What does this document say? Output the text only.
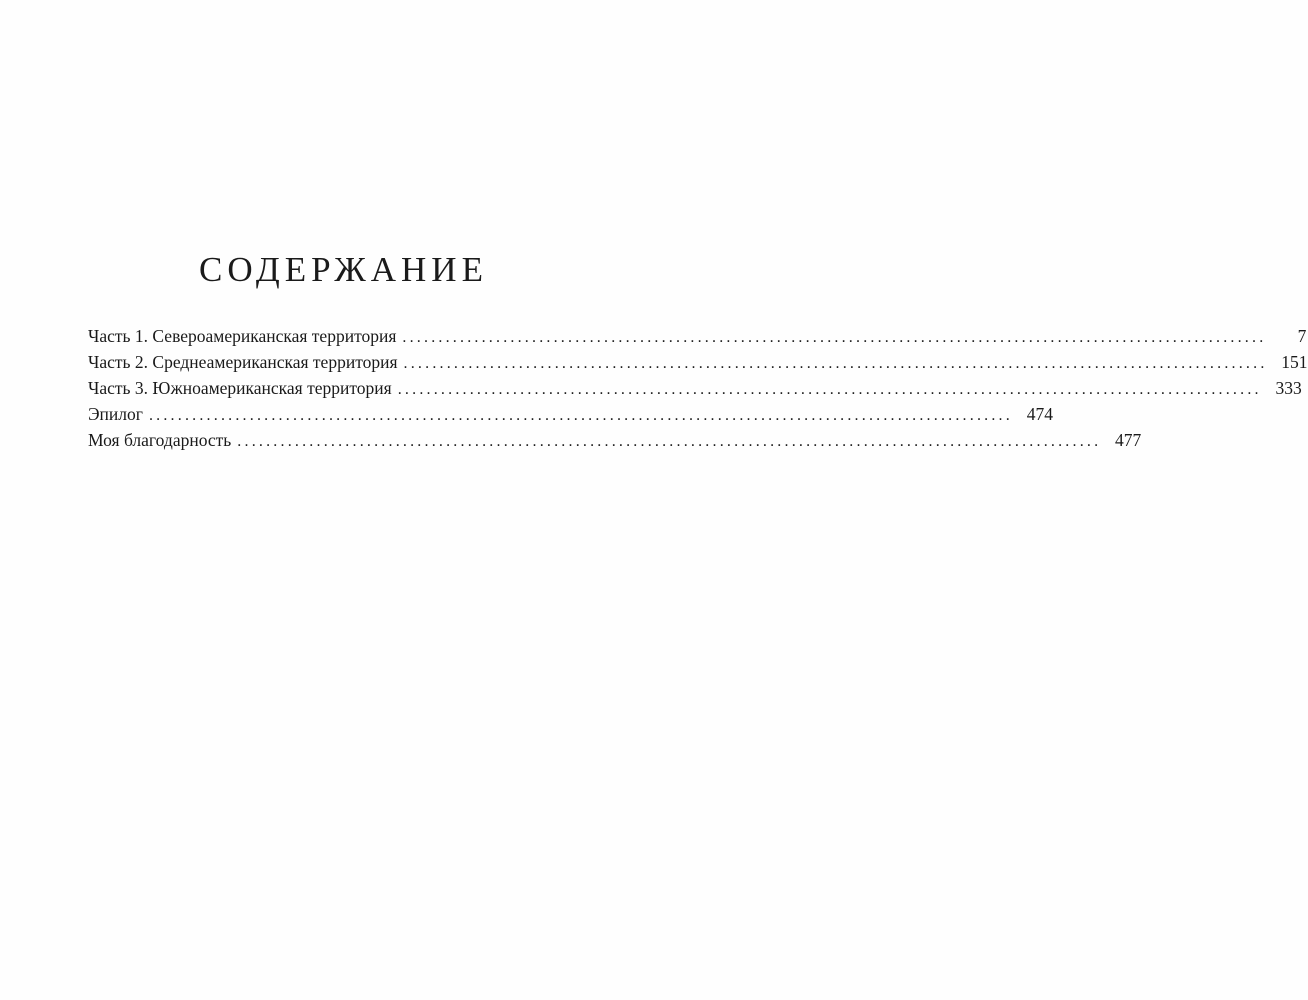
СОДЕРЖАНИЕ
Часть 1. Североамериканская территория ........................................................................................................................	7
Часть 2. Среднеамериканская территория ........................................................................................................................ 151
Часть 3. Южноамериканская территория ........................................................................................................................ 333
Эпилог ........................................................................................................................ 474
Моя благодарность ........................................................................................................................ 477
